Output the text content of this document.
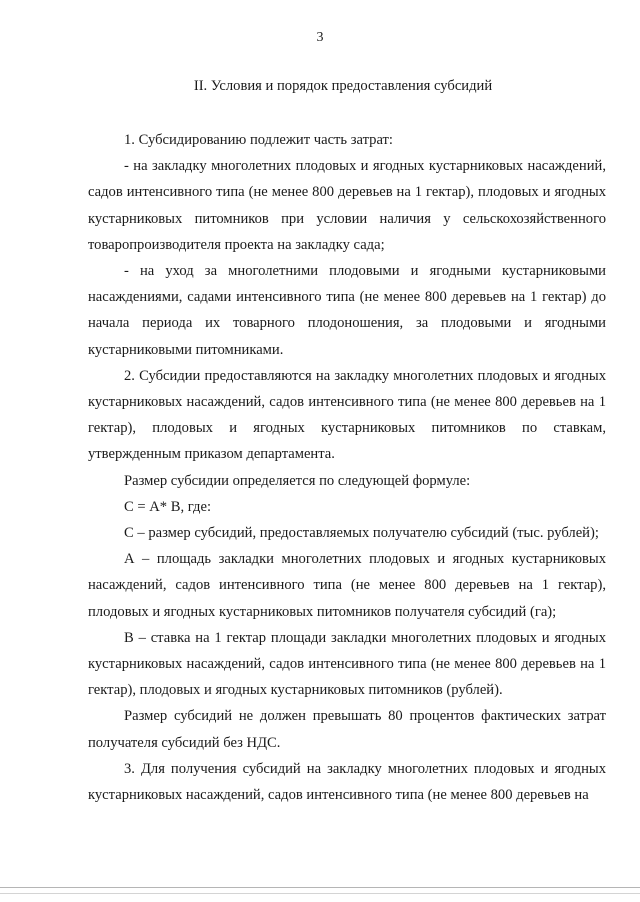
3
II. Условия и порядок предоставления субсидий

1. Субсидированию подлежит часть затрат:

- на закладку многолетних плодовых и ягодных кустарниковых насаждений, садов интенсивного типа (не менее 800 деревьев на 1 гектар), плодовых и ягодных кустарниковых питомников при условии наличия у сельскохозяйственного товаропроизводителя проекта на закладку сада;

- на уход за многолетними плодовыми и ягодными кустарниковыми насаждениями, садами интенсивного типа (не менее 800 деревьев на 1 гектар) до начала периода их товарного плодоношения, за плодовыми и ягодными кустарниковыми питомниками.

2. Субсидии предоставляются на закладку многолетних плодовых и ягодных кустарниковых насаждений, садов интенсивного типа (не менее 800 деревьев на 1 гектар), плодовых и ягодных кустарниковых питомников по ставкам, утвержденным приказом департамента.

Размер субсидии определяется по следующей формуле:

С = А* В, где:

С – размер субсидий, предоставляемых получателю субсидий (тыс. рублей);

А – площадь закладки многолетних плодовых и ягодных кустарниковых насаждений, садов интенсивного типа (не менее 800 деревьев на 1 гектар), плодовых и ягодных кустарниковых питомников получателя субсидий (га);

В – ставка на 1 гектар площади закладки многолетних плодовых и ягодных кустарниковых насаждений, садов интенсивного типа (не менее 800 деревьев на 1 гектар), плодовых и ягодных кустарниковых питомников (рублей).

Размер субсидий не должен превышать 80 процентов фактических затрат получателя субсидий без НДС.

3. Для получения субсидий на закладку многолетних плодовых и ягодных кустарниковых насаждений, садов интенсивного типа (не менее 800 деревьев на
